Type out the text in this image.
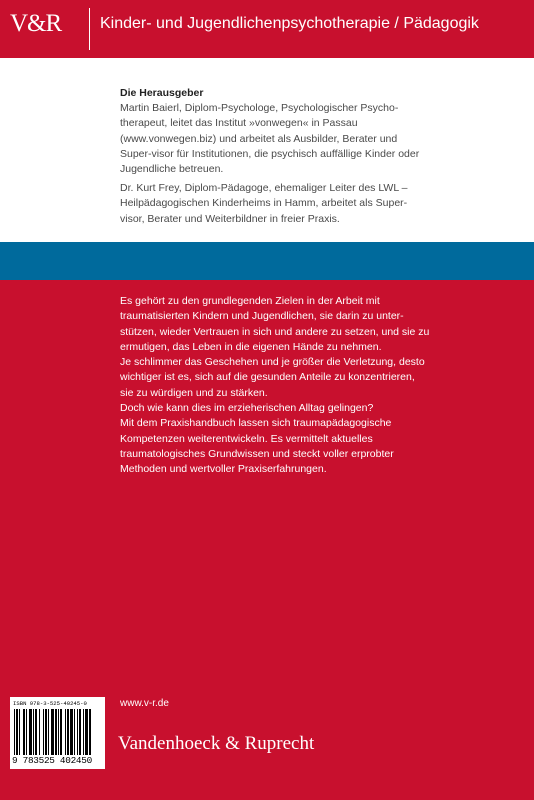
V&R Kinder- und Jugendlichenpsychotherapie / Pädagogik
Die Herausgeber

Martin Baierl, Diplom-Psychologe, Psychologischer Psycho-therapeut, leitet das Institut »vonwegen« in Passau (www.vonwegen.biz) und arbeitet als Ausbilder, Berater und Super-visor für Institutionen, die psychisch auffällige Kinder oder Jugendliche betreuen.

Dr. Kurt Frey, Diplom-Pädagoge, ehemaliger Leiter des LWL – Heilpädagogischen Kinderheims in Hamm, arbeitet als Super-visor, Berater und Weiterbildner in freier Praxis.

Es gehört zu den grundlegenden Zielen in der Arbeit mit traumatisierten Kindern und Jugendlichen, sie darin zu unter-stützen, wieder Vertrauen in sich und andere zu setzen, und sie zu ermutigen, das Leben in die eigenen Hände zu nehmen.

Je schlimmer das Geschehen und je größer die Verletzung, desto wichtiger ist es, sich auf die gesunden Anteile zu konzentrieren, sie zu würdigen und zu stärken.

Doch wie kann dies im erzieherischen Alltag gelingen?

Mit dem Praxishandbuch lassen sich traumapädagogische Kompetenzen weiterentwickeln. Es vermittelt aktuelles traumatologisches Grundwissen und steckt voller erprobter Methoden und wertvoller Praxiserfahrungen.

ISBN 978-3-525-40245-0
9 783525 402450
www.v-r.de
Vandenhoeck & Ruprecht
